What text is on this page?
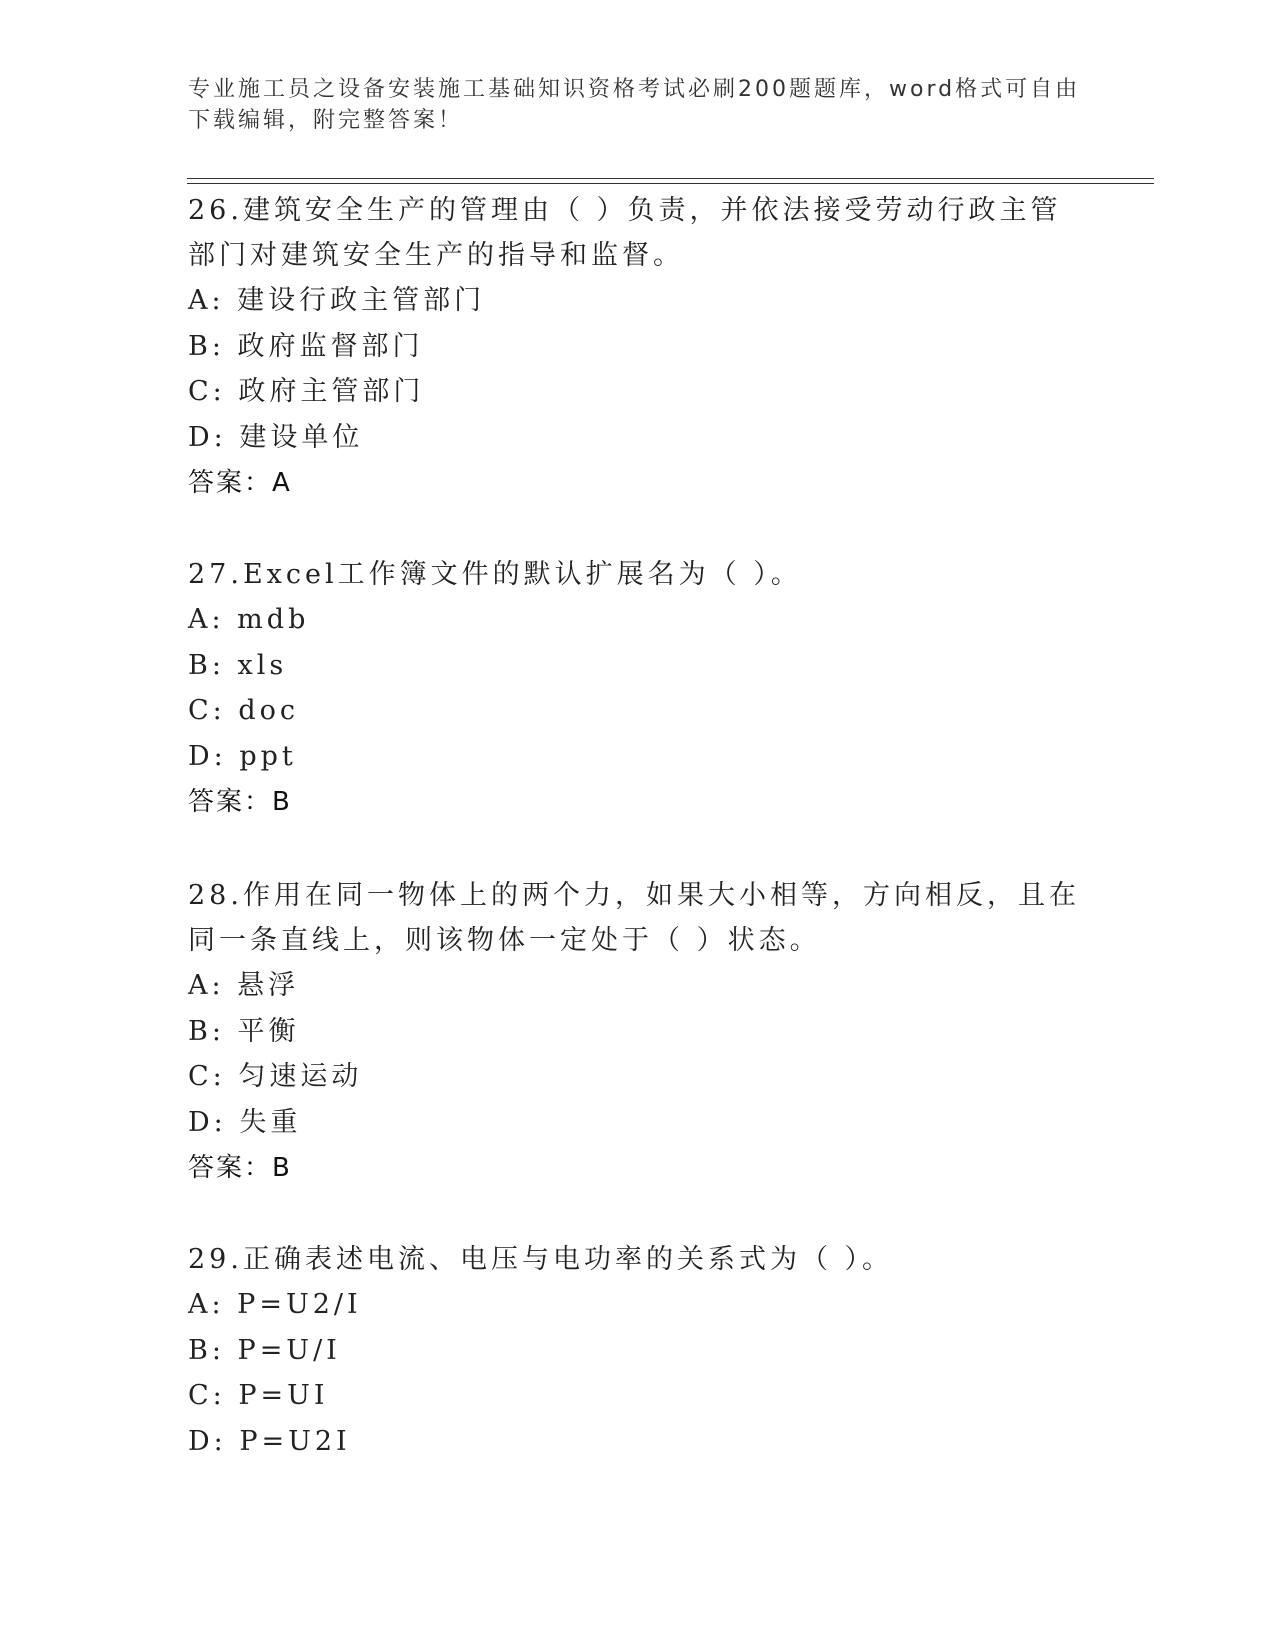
专业施工员之设备安装施工基础知识资格考试必刷200题题库，word格式可自由下载编辑，附完整答案！
26.建筑安全生产的管理由（ ）负责，并依法接受劳动行政主管部门对建筑安全生产的指导和监督。
A: 建设行政主管部门
B: 政府监督部门
C: 政府主管部门
D: 建设单位
答案：A
27.Excel工作簿文件的默认扩展名为（ ）。
A: mdb
B: xls
C: doc
D: ppt
答案：B
28.作用在同一物体上的两个力，如果大小相等，方向相反，且在同一条直线上，则该物体一定处于（ ）状态。
A: 悬浮
B: 平衡
C: 匀速运动
D: 失重
答案：B
29.正确表述电流、电压与电功率的关系式为（ ）。
A: P=U2/I
B: P=U/I
C: P=UI
D: P=U2I
